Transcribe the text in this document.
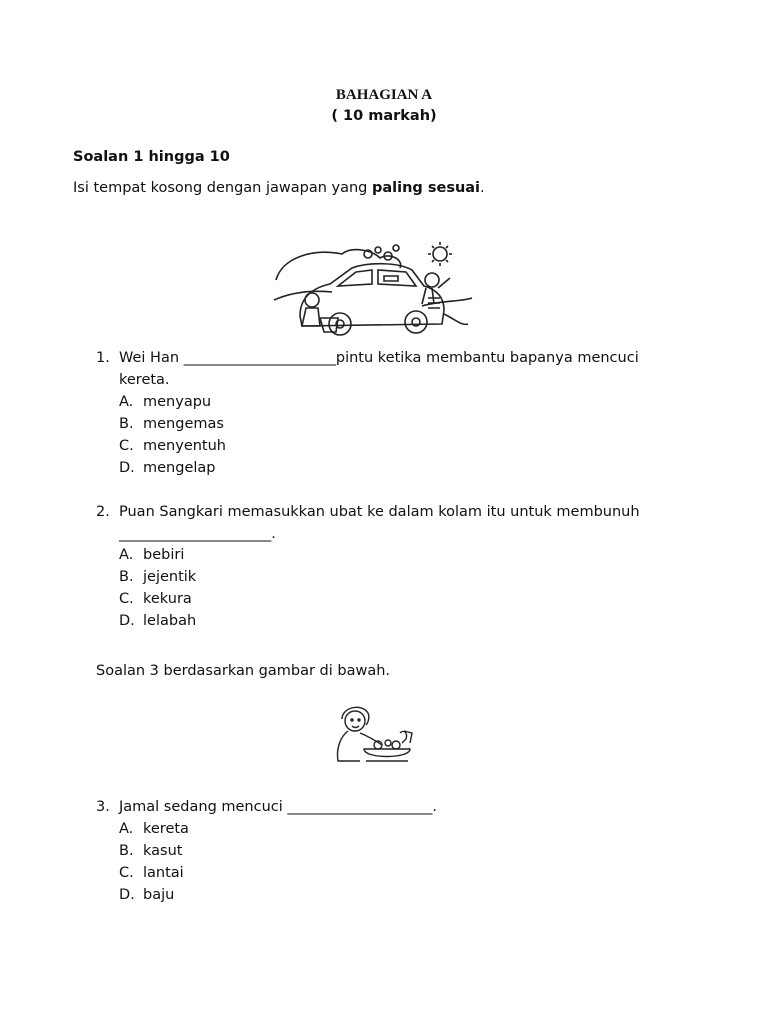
BAHAGIAN A
( 10 markah)
Soalan 1 hingga 10
Isi tempat kosong dengan jawapan yang paling sesuai.
1. Wei Han _____________________pintu ketika membantu bapanya mencuci
kereta.
A. menyapu
B. mengemas
C. menyentuh
D. mengelap
2. Puan Sangkari memasukkan ubat ke dalam kolam itu untuk membunuh
_____________________.
A. bebiri
B. jejentik
C. kekura
D. lelabah
Soalan 3 berdasarkan gambar di bawah.
3. Jamal sedang mencuci ____________________.
A. kereta
B. kasut
C. lantai
D. baju
